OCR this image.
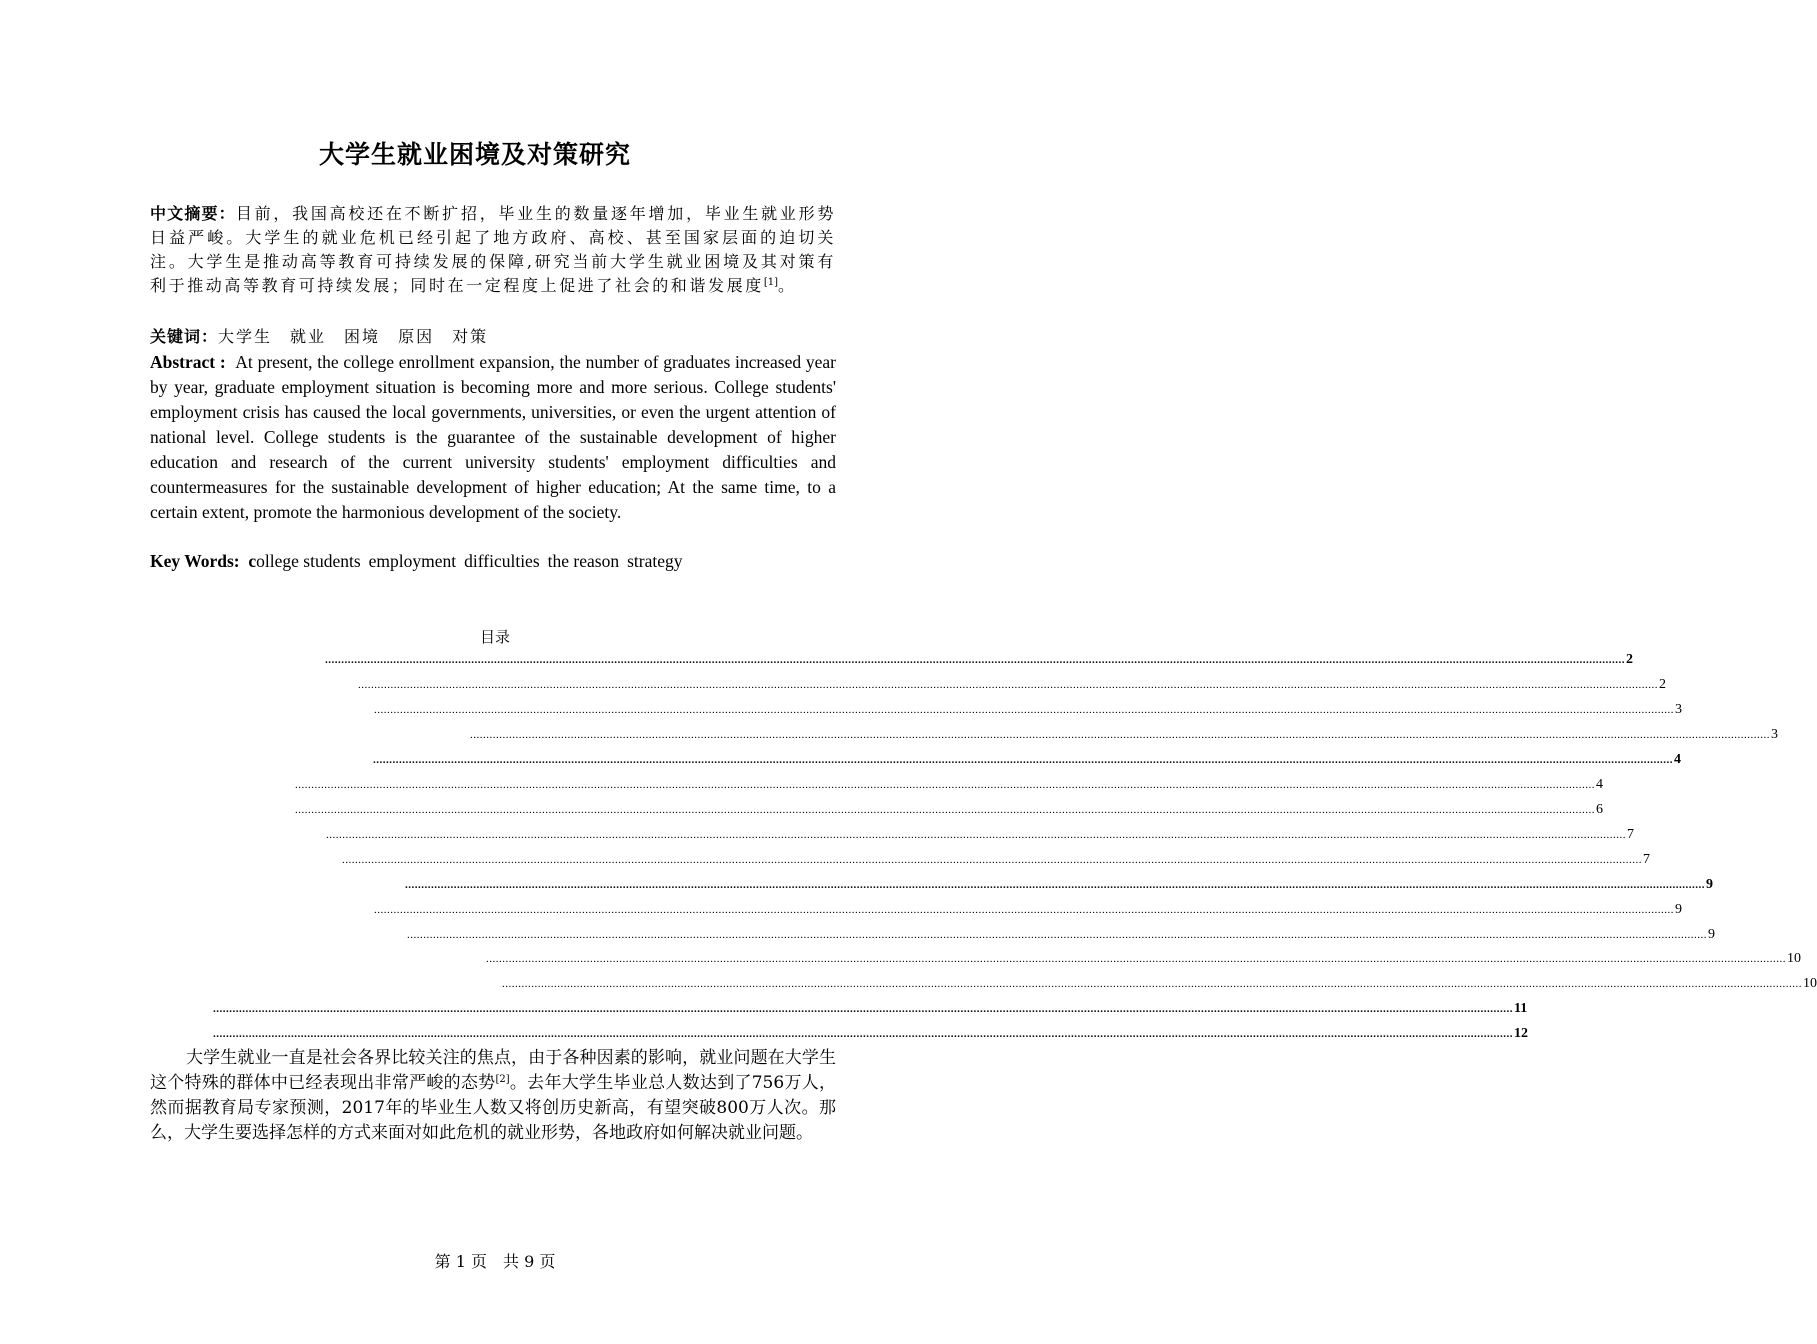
大学生就业困境及对策研究
中文摘要：目前，我国高校还在不断扩招，毕业生的数量逐年增加，毕业生就业形势日益严峻。大学生的就业危机已经引起了地方政府、高校、甚至国家层面的迫切关注。大学生是推动高等教育可持续发展的保障,研究当前大学生就业困境及其对策有利于推动高等教育可持续发展；同时在一定程度上促进了社会的和谐发展度[1]。
关键词：大学生 就业 困境 原因 对策
Abstract : At present, the college enrollment expansion, the number of graduates increased year by year, graduate employment situation is becoming more and more serious. College students' employment crisis has caused the local governments, universities, or even the urgent attention of national level. College students is the guarantee of the sustainable development of higher education and research of the current university students' employment difficulties and countermeasures for the sustainable development of higher education; At the same time, to a certain extent, promote the harmonious development of the society.
Key Words: college students employment difficulties the reason strategy
目录
................................................................................................................................................................................................................................................................................................................................................................................................................ 2
................................................................................................................................................................................................................................................................................................................................................................................................................ 2
................................................................................................................................................................................................................................................................................................................................................................................................................ 3
................................................................................................................................................................................................................................................................................................................................................................................................................ 3
................................................................................................................................................................................................................................................................................................................................................................................................................ 4
................................................................................................................................................................................................................................................................................................................................................................................................................ 4
................................................................................................................................................................................................................................................................................................................................................................................................................ 6
................................................................................................................................................................................................................................................................................................................................................................................................................ 7
................................................................................................................................................................................................................................................................................................................................................................................................................ 7
................................................................................................................................................................................................................................................................................................................................................................................................................ 9
................................................................................................................................................................................................................................................................................................................................................................................................................ 9
................................................................................................................................................................................................................................................................................................................................................................................................................ 9
................................................................................................................................................................................................................................................................................................................................................................................................................ 10
................................................................................................................................................................................................................................................................................................................................................................................................................ 10
................................................................................................................................................................................................................................................................................................................................................................................................................ 11
................................................................................................................................................................................................................................................................................................................................................................................................................ 12
大学生就业一直是社会各界比较关注的焦点，由于各种因素的影响，就业问题在大学生这个特殊的群体中已经表现出非常严峻的态势[2]。去年大学生毕业总人数达到了756万人，然而据教育局专家预测，2017年的毕业生人数又将创历史新高，有望突破800万人次。那么，大学生要选择怎样的方式来面对如此危机的就业形势，各地政府如何解决就业问题。
第 1 页　共 9 页
